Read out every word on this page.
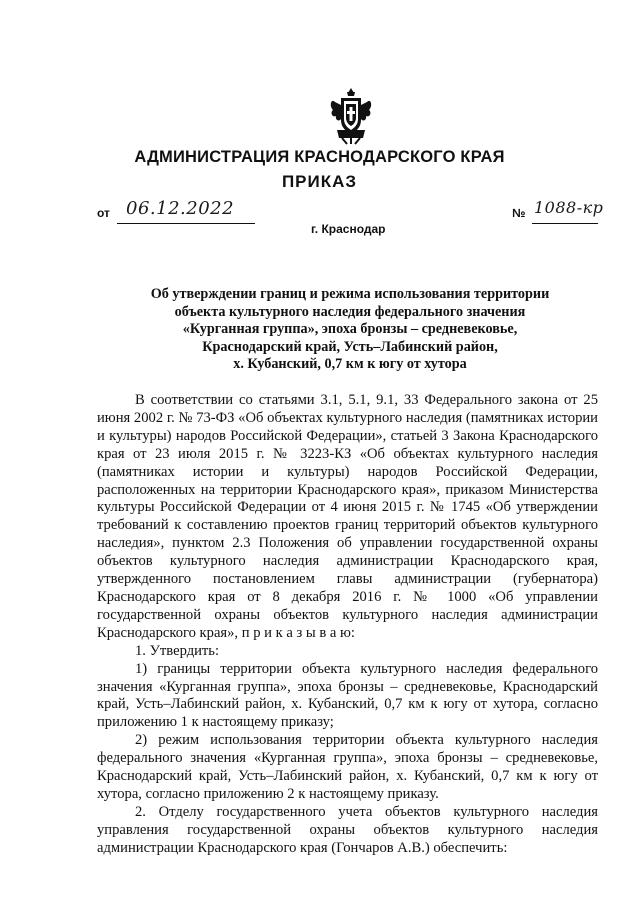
АДМИНИСТРАЦИЯ КРАСНОДАРСКОГО КРАЯ
ПРИКАЗ
от 06.12.2022	№ 1088-кр
г. Краснодар
Об утверждении границ и режима использования территории
объекта культурного наследия федерального значения
«Курганная группа», эпоха бронзы – средневековье,
Краснодарский край, Усть–Лабинский район,
х. Кубанский, 0,7 км к югу от хутора

В соответствии со статьями 3.1, 5.1, 9.1, 33 Федерального закона от 25 июня 2002 г. № 73-ФЗ «Об объектах культурного наследия (памятниках истории и культуры) народов Российской Федерации», статьей 3 Закона Краснодарского края от 23 июля 2015 г. № 3223-КЗ «Об объектах культурного наследия (памятниках истории и культуры) народов Российской Федерации, расположенных на территории Краснодарского края», приказом Министерства культуры Российской Федерации от 4 июня 2015 г. № 1745 «Об утверждении требований к составлению проектов границ территорий объектов культурного наследия», пунктом 2.3 Положения об управлении государственной охраны объектов культурного наследия администрации Краснодарского края, утвержденного постановлением главы администрации (губернатора) Краснодарского края от 8 декабря 2016 г. № 1000 «Об управлении государственной охраны объектов культурного наследия администрации Краснодарского края», п р и к а з ы в а ю:

1. Утвердить:

1) границы территории объекта культурного наследия федерального значения «Курганная группа», эпоха бронзы – средневековье, Краснодарский край, Усть–Лабинский район, х. Кубанский, 0,7 км к югу от хутора, согласно приложению 1 к настоящему приказу;

2) режим использования территории объекта культурного наследия федерального значения «Курганная группа», эпоха бронзы – средневековье, Краснодарский край, Усть–Лабинский район, х. Кубанский, 0,7 км к югу от хутора, согласно приложению 2 к настоящему приказу.

2. Отделу государственного учета объектов культурного наследия управления государственной охраны объектов культурного наследия администрации Краснодарского края (Гончаров А.В.) обеспечить:
